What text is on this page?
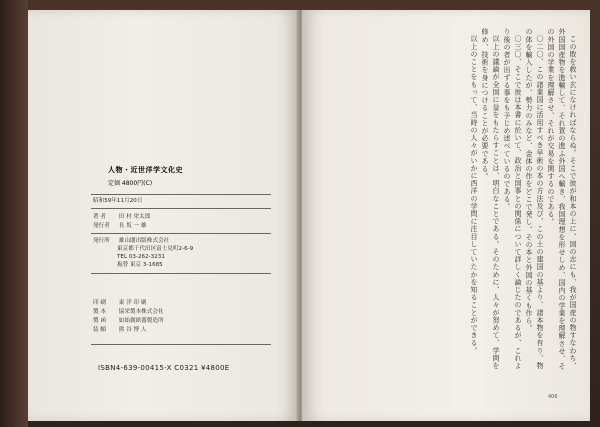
人物・近世洋学文化史
定価 4800円(C)
昭和59年11月20日
著 者 田 村 栄太郎
発行者 長 坂 一 雄
発行所 雄山閣出版株式会社
東京都千代田区富士見町2-6-9
TEL 03-262-3231
振替 東京 3-1685
印 刷 東 洋 印 刷
製 本 協栄製本株式会社
製 函 如始創紙器製造所
装 幀 熊 谷 博 人
ISBN4-639-00415-X C0321 ¥4800E	この敗を救い玄になければならぬ。そこで彼が和本の上に、国の志にも、我が国産の物すなわち、外国国産物を進輸して、それ賀の進ふ外国へ輸き、我国理想を形せしめ、国内の学業を理解させ、その外国の学業を理解させ、それが交易を関するのである。

〇二〇、この諸業国に活用すべき早術の本の方法及び、この土の建国の基より、諸本物を有り、物の体を輸入したが、勢力のみなど、金体の作をどこで発し、その本と外国の基くも作ら。

〇三〇、そこで彼は本書に於いて、政治と国事との関係について詳しく論じたのであるが、これより後の者が出ずる事をも予じめ述べているのである。

以上の議論が全国に益をもたらすことは、明白なことである。そのために、人々が努めて、学問を修め、技術を身につけることが必要である。

以上のことをもって、当時の人々がいかに西洋の学問に注目していたかを知ることができる。

406
